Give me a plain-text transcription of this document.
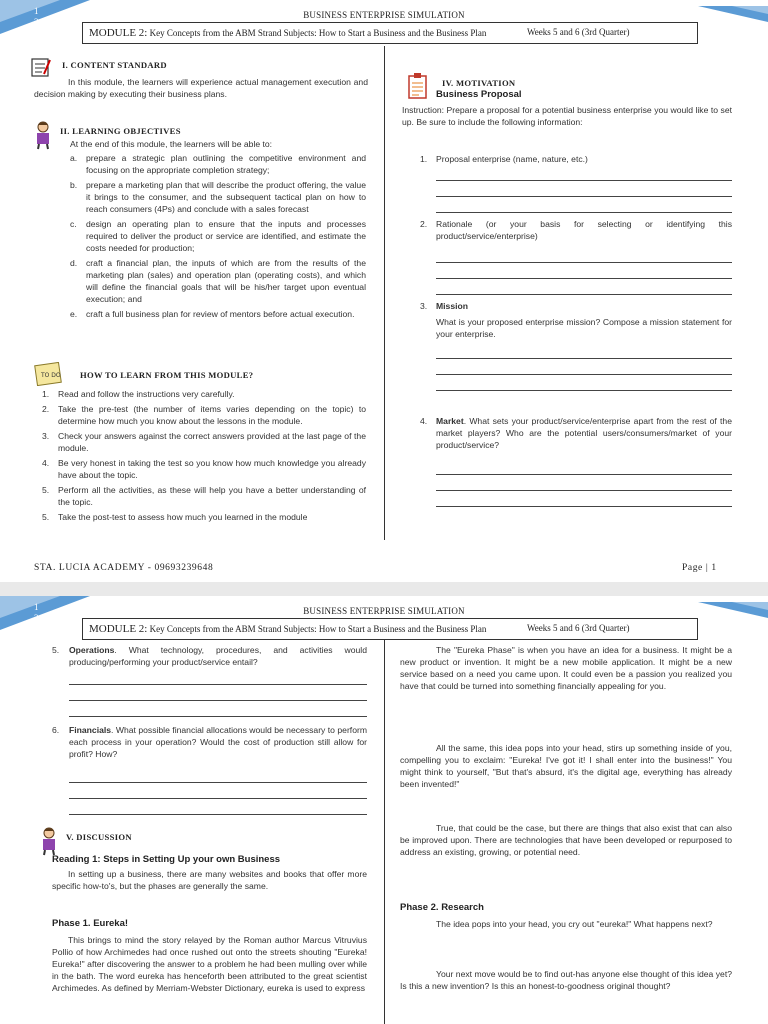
1
3
BUSINESS ENTERPRISE SIMULATION
MODULE 2: Key Concepts from the ABM Strand Subjects: How to Start a Business and the Business Plan	Weeks 5 and 6 (3rd Quarter)
I. CONTENT STANDARD
In this module, the learners will experience actual management execution and decision making by executing their business plans.
II. LEARNING OBJECTIVES
At the end of this module, the learners will be able to:
a. prepare a strategic plan outlining the competitive environment and focusing on the appropriate completion strategy;
b. prepare a marketing plan that will describe the product offering, the value it brings to the consumer, and the subsequent tactical plan on how to reach consumers (4Ps) and conclude with a sales forecast
c. design an operating plan to ensure that the inputs and processes required to deliver the product or service are identified, and estimate the costs needed for production;
d. craft a financial plan, the inputs of which are from the results of the marketing plan (sales) and operation plan (operating costs), and which will define the financial goals that will be his/her target upon eventual execution; and
e. craft a full business plan for review of mentors before actual execution.
TO DO HOW TO LEARN FROM THIS MODULE?
1. Read and follow the instructions very carefully.
2. Take the pre-test (the number of items varies depending on the topic) to determine how much you know about the lessons in the module.
3. Check your answers against the correct answers provided at the last page of the module.
4. Be very honest in taking the test so you know how much knowledge you already have about the topic.
5. Perform all the activities, as these will help you have a better understanding of the topic.
5. Take the post-test to assess how much you learned in the module
IV. MOTIVATION
Business Proposal
Instruction: Prepare a proposal for a potential business enterprise you would like to set up. Be sure to include the following information:
1. Proposal enterprise (name, nature, etc.)
2. Rationale (or your basis for selecting or identifying this product/service/enterprise)
3. Mission
What is your proposed enterprise mission? Compose a mission statement for your enterprise.
4. Market. What sets your product/service/enterprise apart from the rest of the market players? Who are the potential users/consumers/market of your product/service?
STA. LUCIA ACADEMY - 09693239648	Page | 1
1
3
BUSINESS ENTERPRISE SIMULATION
MODULE 2: Key Concepts from the ABM Strand Subjects: How to Start a Business and the Business Plan	Weeks 5 and 6 (3rd Quarter)
5. Operations. What technology, procedures, and activities would producing/performing your product/service entail?
6. Financials. What possible financial allocations would be necessary to perform each process in your operation? Would the cost of production still allow for profit? How?
V. DISCUSSION
Reading 1: Steps in Setting Up your own Business
In setting up a business, there are many websites and books that offer more specific how-to's, but the phases are generally the same.
Phase 1. Eureka!
This brings to mind the story relayed by the Roman author Marcus Vitruvius Pollio of how Archimedes had once rushed out onto the streets shouting "Eureka! Eureka!" after discovering the answer to a problem he had been mulling over while in the bath. The word eureka has henceforth been attributed to the great scientist Archimedes. As defined by Merriam-Webster Dictionary, eureka is used to express
The "Eureka Phase" is when you have an idea for a business. It might be a new product or invention. It might be a new mobile application. It might be a new service based on a need you came upon. It could even be a passion you realized you have that could be turned into something financially appealing for you.
All the same, this idea pops into your head, stirs up something inside of you, compelling you to exclaim: "Eureka! I've got it! I shall enter into the business!" You might think to yourself, "But that's absurd, it's the digital age, everything has already been invented!"
True, that could be the case, but there are things that also exist that can also be improved upon. There are technologies that have been developed or repurposed to address an existing, growing, or potential need.
Phase 2. Research
The idea pops into your head, you cry out "eureka!" What happens next?
Your next move would be to find out-has anyone else thought of this idea yet? Is this a new invention? Is this an honest-to-goodness original thought?
